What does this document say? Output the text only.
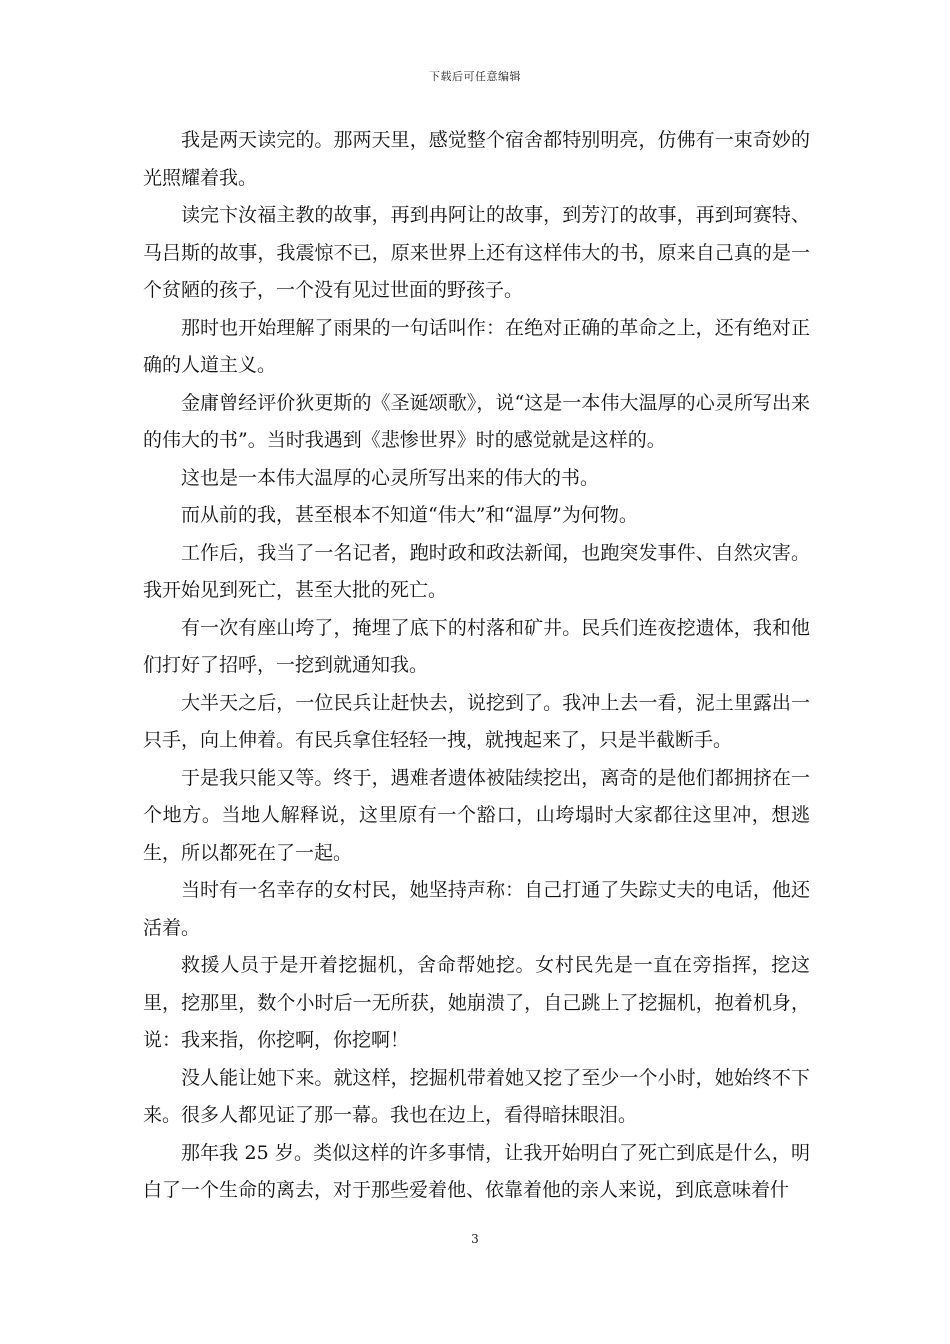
下载后可任意编辑

我是两天读完的。那两天里，感觉整个宿舍都特别明亮，仿佛有一束奇妙的光照耀着我。

读完卞汝福主教的故事，再到冉阿让的故事，到芳汀的故事，再到珂赛特、马吕斯的故事，我震惊不已，原来世界上还有这样伟大的书，原来自己真的是一个贫陋的孩子，一个没有见过世面的野孩子。

那时也开始理解了雨果的一句话叫作：在绝对正确的革命之上，还有绝对正确的人道主义。

金庸曾经评价狄更斯的《圣诞颂歌》，说“这是一本伟大温厚的心灵所写出来的伟大的书”。当时我遇到《悲惨世界》时的感觉就是这样的。

这也是一本伟大温厚的心灵所写出来的伟大的书。

而从前的我，甚至根本不知道“伟大”和“温厚”为何物。

工作后，我当了一名记者，跑时政和政法新闻，也跑突发事件、自然灾害。我开始见到死亡，甚至大批的死亡。

有一次有座山垮了，掩埋了底下的村落和矿井。民兵们连夜挖遗体，我和他们打好了招呼，一挖到就通知我。

大半天之后，一位民兵让赶快去，说挖到了。我冲上去一看，泥土里露出一只手，向上伸着。有民兵拿住轻轻一拽，就拽起来了，只是半截断手。

于是我只能又等。终于，遇难者遗体被陆续挖出，离奇的是他们都拥挤在一个地方。当地人解释说，这里原有一个豁口，山垮塌时大家都往这里冲，想逃生，所以都死在了一起。

当时有一名幸存的女村民，她坚持声称：自己打通了失踪丈夫的电话，他还活着。

救援人员于是开着挖掘机，舍命帮她挖。女村民先是一直在旁指挥，挖这里，挖那里，数个小时后一无所获，她崩溃了，自己跳上了挖掘机，抱着机身，说：我来指，你挖啊，你挖啊！

没人能让她下来。就这样，挖掘机带着她又挖了至少一个小时，她始终不下来。很多人都见证了那一幕。我也在边上，看得暗抹眼泪。

那年我 25 岁。类似这样的许多事情，让我开始明白了死亡到底是什么，明白了一个生命的离去，对于那些爱着他、依靠着他的亲人来说，到底意味着什

3
